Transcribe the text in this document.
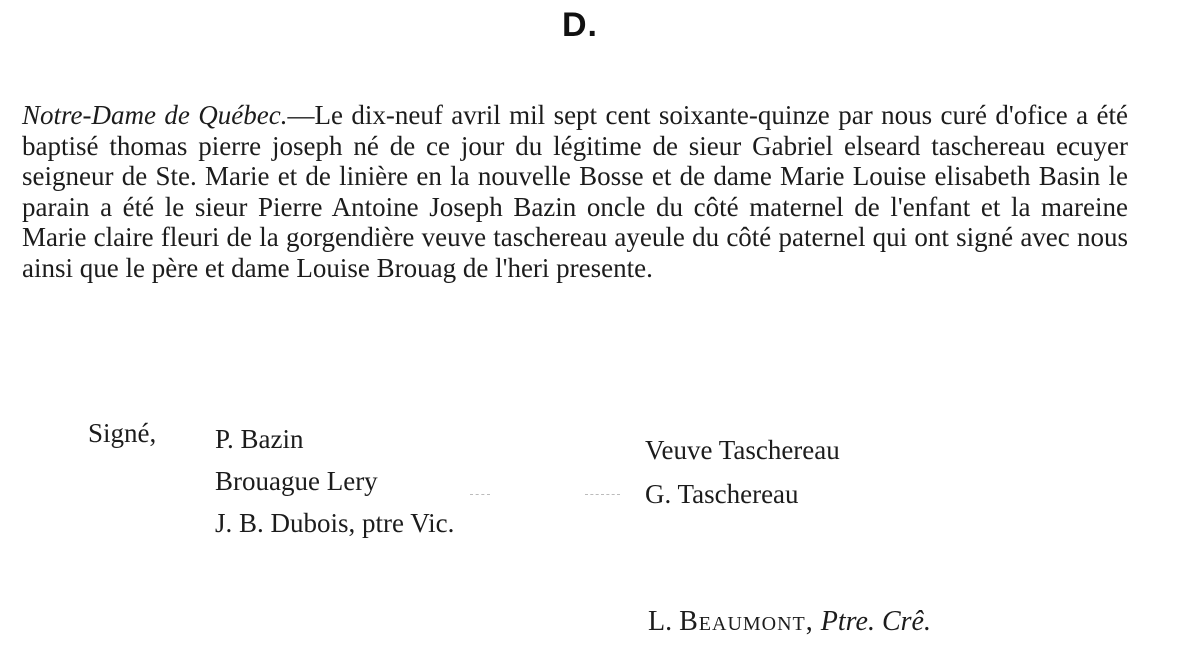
D.

Notre-Dame de Québec.—Le dix-neuf avril mil sept cent soixante-quinze par nous curé d'ofice a été baptisé thomas pierre joseph né de ce jour du légitime de sieur Gabriel elseard taschereau ecuyer seigneur de Ste. Marie et de linière en la nouvelle Bosse et de dame Marie Louise elisabeth Basin le parain a été le sieur Pierre Antoine Joseph Bazin oncle du côté maternel de l'enfant et la mareine Marie claire fleuri de la gorgendière veuve taschereau ayeule du côté paternel qui ont signé avec nous ainsi que le père et dame Louise Brouag de l'heri presente.

Signé, P. Bazin
Brouague Lery
J. B. Dubois, ptre Vic.
Veuve Taschereau
G. Taschereau
L. Beaumont, Ptre. Crê.
